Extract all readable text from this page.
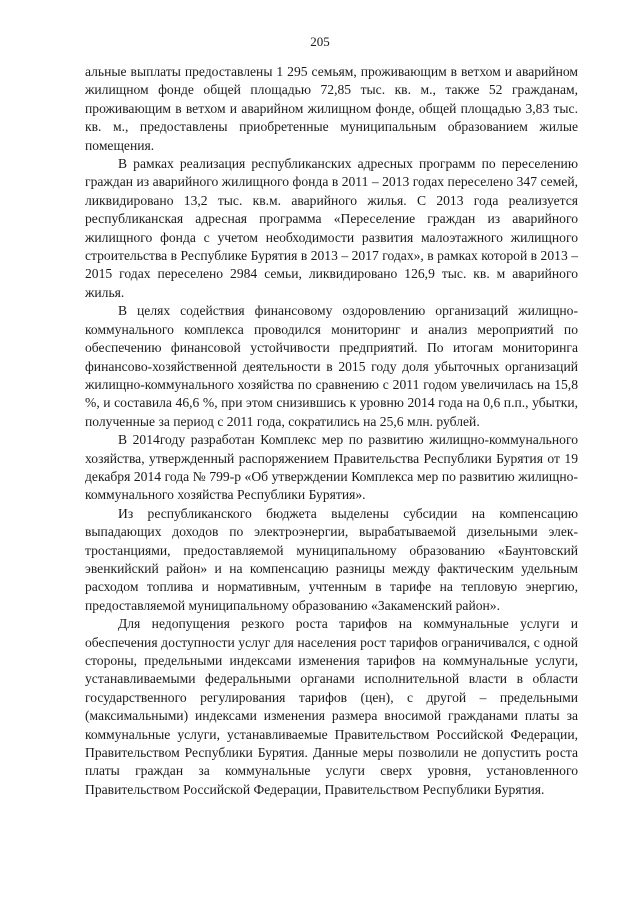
205

альные выплаты предоставлены 1 295 семьям, проживающим в ветхом и аварийном жилищном фонде общей площадью 72,85 тыс. кв. м., также 52 гражданам, проживающим в ветхом и аварийном жилищном фонде, общей площадью 3,83 тыс. кв. м., предоставлены приобретенные муниципальным образованием жилые помещения.

В рамках реализация республиканских адресных программ по переселению граждан из аварийного жилищного фонда в 2011 – 2013 годах переселено 347 семей, ликвидировано 13,2 тыс. кв.м. аварийного жилья. С 2013 года реализуется республиканская адресная программа «Переселение граждан из аварийного жилищного фонда с учетом необходимости развития малоэтажного жилищного строительства в Республике Бурятия в 2013 – 2017 годах», в рамках которой в 2013 – 2015 годах переселено 2984 семьи, ликвидировано 126,9 тыс. кв. м аварийного жилья.

В целях содействия финансовому оздоровлению организаций жилищно-коммунального комплекса проводился мониторинг и анализ мероприятий по обеспечению финансовой устойчивости предприятий. По итогам мониторинга финансово-хозяйственной деятельности в 2015 году доля убыточных организаций жилищно-коммунального хозяйства по сравнению с 2011 годом увеличилась на 15,8 %, и составила 46,6 %, при этом снизившись к уровню 2014 года на 0,6 п.п., убытки, полученные за период с 2011 года, сократились на 25,6 млн. рублей.

В 2014году разработан Комплекс мер по развитию жилищно-коммунального хозяйства, утвержденный распоряжением Правительства Республики Бурятия от 19 декабря 2014 года № 799-р «Об утверждении Комплекса мер по развитию жилищно-коммунального хозяйства Республики Бурятия».

Из республиканского бюджета выделены субсидии на компенсацию выпадающих доходов по электроэнергии, вырабатываемой дизельными электростанциями, предоставляемой муниципальному образованию «Баунтовский эвенкийский район» и на компенсацию разницы между фактическим удельным расходом топлива и нормативным, учтенным в тарифе на тепловую энергию, предоставляемой муниципальному образованию «Закаменский район».

Для недопущения резкого роста тарифов на коммунальные услуги и обеспечения доступности услуг для населения рост тарифов ограничивался, с одной стороны, предельными индексами изменения тарифов на коммунальные услуги, устанавливаемыми федеральными органами исполнительной власти в области государственного регулирования тарифов (цен), с другой – предельными (максимальными) индексами изменения размера вносимой гражданами платы за коммунальные услуги, устанавливаемые Правительством Российской Федерации, Правительством Республики Бурятия. Данные меры позволили не допустить роста платы граждан за коммунальные услуги сверх уровня, установленного Правительством Российской Федерации, Правительством Республики Бурятия.
